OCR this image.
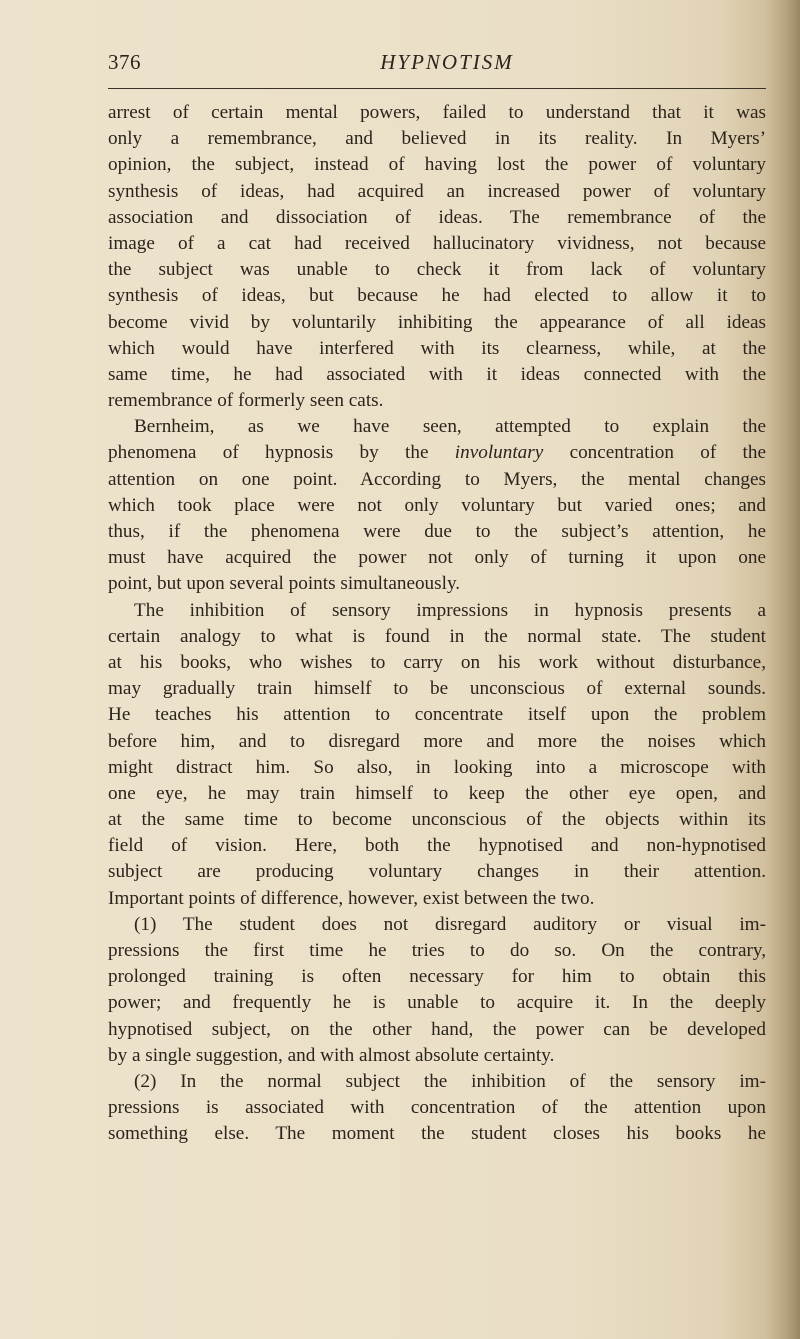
376	HYPNOTISM
arrest of certain mental powers, failed to understand that it was
only a remembrance, and believed in its reality. In Myers’
opinion, the subject, instead of having lost the power of voluntary
synthesis of ideas, had acquired an increased power of voluntary
association and dissociation of ideas. The remembrance of the
image of a cat had received hallucinatory vividness, not because
the subject was unable to check it from lack of voluntary
synthesis of ideas, but because he had elected to allow it to
become vivid by voluntarily inhibiting the appearance of all ideas
which would have interfered with its clearness, while, at the
same time, he had associated with it ideas connected with the
remembrance of formerly seen cats.
Bernheim, as we have seen, attempted to explain the
phenomena of hypnosis by the involuntary concentration of the
attention on one point. According to Myers, the mental changes
which took place were not only voluntary but varied ones; and
thus, if the phenomena were due to the subject’s attention, he
must have acquired the power not only of turning it upon one
point, but upon several points simultaneously.
The inhibition of sensory impressions in hypnosis presents a
certain analogy to what is found in the normal state. The student
at his books, who wishes to carry on his work without disturbance,
may gradually train himself to be unconscious of external sounds.
He teaches his attention to concentrate itself upon the problem
before him, and to disregard more and more the noises which
might distract him. So also, in looking into a microscope with
one eye, he may train himself to keep the other eye open, and
at the same time to become unconscious of the objects within its
field of vision. Here, both the hypnotised and non-hypnotised
subject are producing voluntary changes in their attention.
Important points of difference, however, exist between the two.
(1) The student does not disregard auditory or visual im-
pressions the first time he tries to do so. On the contrary,
prolonged training is often necessary for him to obtain this
power; and frequently he is unable to acquire it. In the deeply
hypnotised subject, on the other hand, the power can be developed
by a single suggestion, and with almost absolute certainty.
(2) In the normal subject the inhibition of the sensory im-
pressions is associated with concentration of the attention upon
something else. The moment the student closes his books he
